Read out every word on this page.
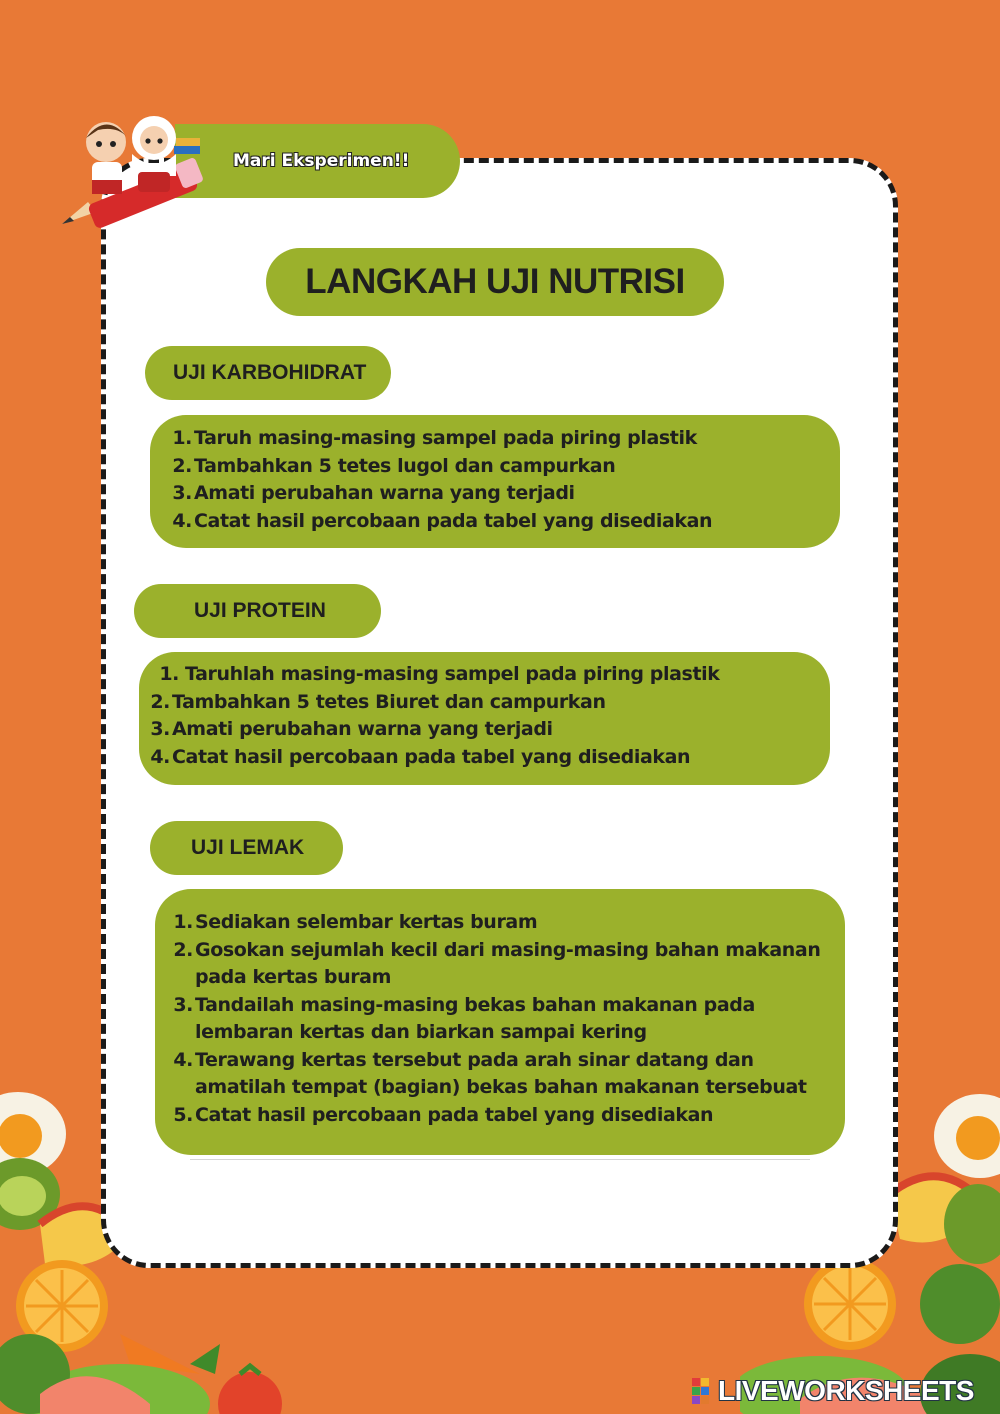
Mari Eksperimen!!
LANGKAH UJI NUTRISI
UJI KARBOHIDRAT
1. Taruh masing-masing sampel pada piring plastik
2. Tambahkan 5 tetes lugol dan campurkan
3. Amati perubahan warna yang terjadi
4. Catat hasil percobaan pada tabel yang disediakan
UJI PROTEIN
1. Taruhlah masing-masing sampel pada piring plastik
2. Tambahkan 5 tetes Biuret dan campurkan
3. Amati perubahan warna yang terjadi
4. Catat hasil percobaan pada tabel yang disediakan
UJI LEMAK
1. Sediakan selembar kertas buram
2. Gosokan sejumlah kecil dari masing-masing bahan makanan pada kertas buram
3. Tandailah masing-masing bekas bahan makanan pada lembaran kertas dan biarkan sampai kering
4. Terawang kertas tersebut pada arah sinar datang dan amatilah tempat (bagian) bekas bahan makanan tersebuat
5. Catat hasil percobaan pada tabel yang disediakan
LIVEWORKSHEETS
